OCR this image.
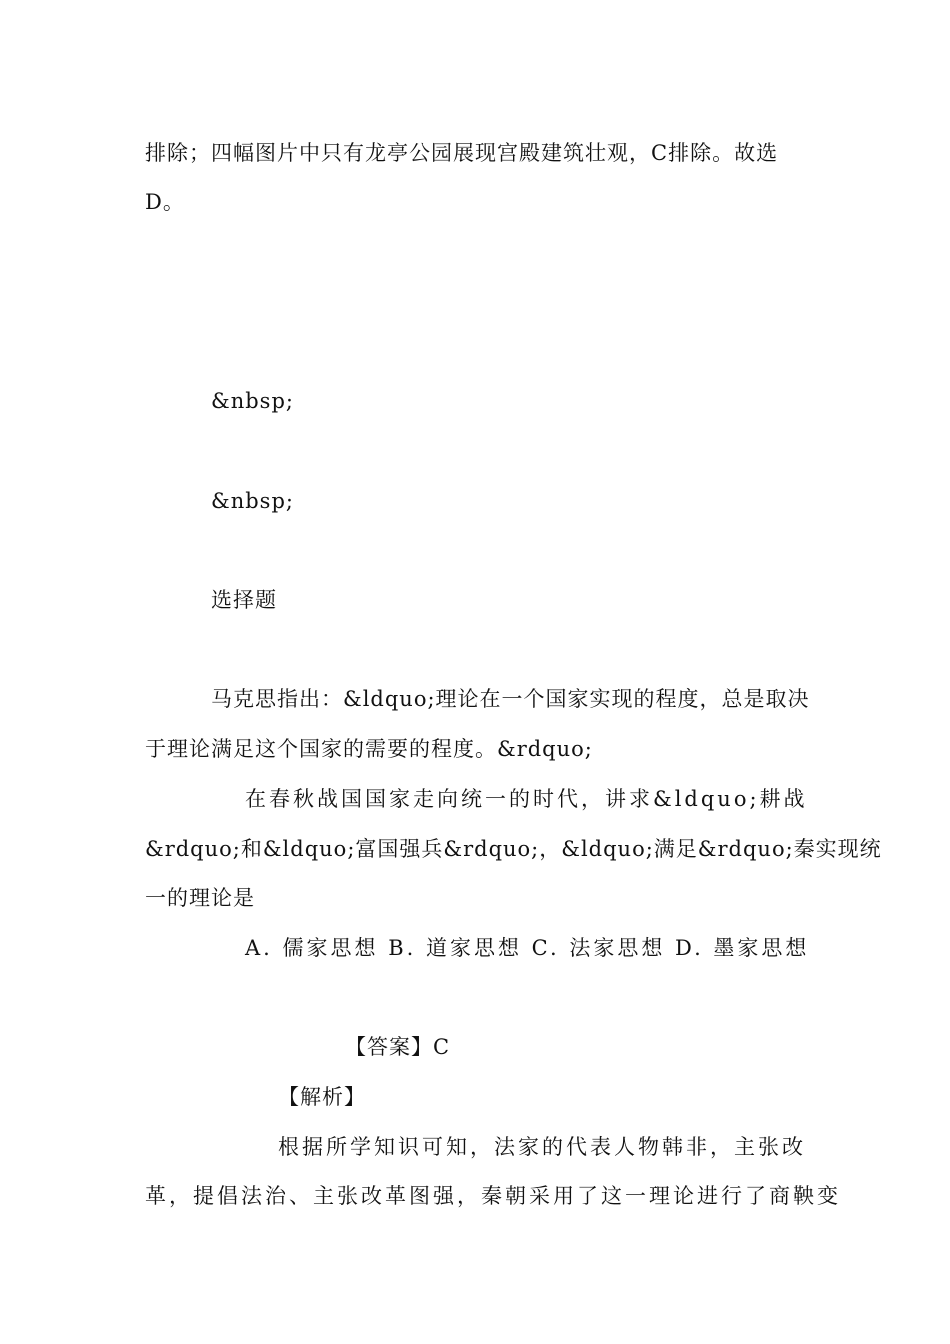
排除；四幅图片中只有龙亭公园展现宫殿建筑壮观，C排除。故选
D。
&nbsp;
&nbsp;
选择题
马克思指出：&ldquo;理论在一个国家实现的程度，总是取决
于理论满足这个国家的需要的程度。&rdquo;
在春秋战国国家走向统一的时代，讲求&ldquo;耕战
&rdquo;和&ldquo;富国强兵&rdquo;，&ldquo;满足&rdquo;秦实现统
一的理论是
A. 儒家思想 B. 道家思想 C. 法家思想 D. 墨家思想
【答案】C
【解析】
根据所学知识可知，法家的代表人物韩非，主张改
革，提倡法治、主张改革图强，秦朝采用了这一理论进行了商鞅变
